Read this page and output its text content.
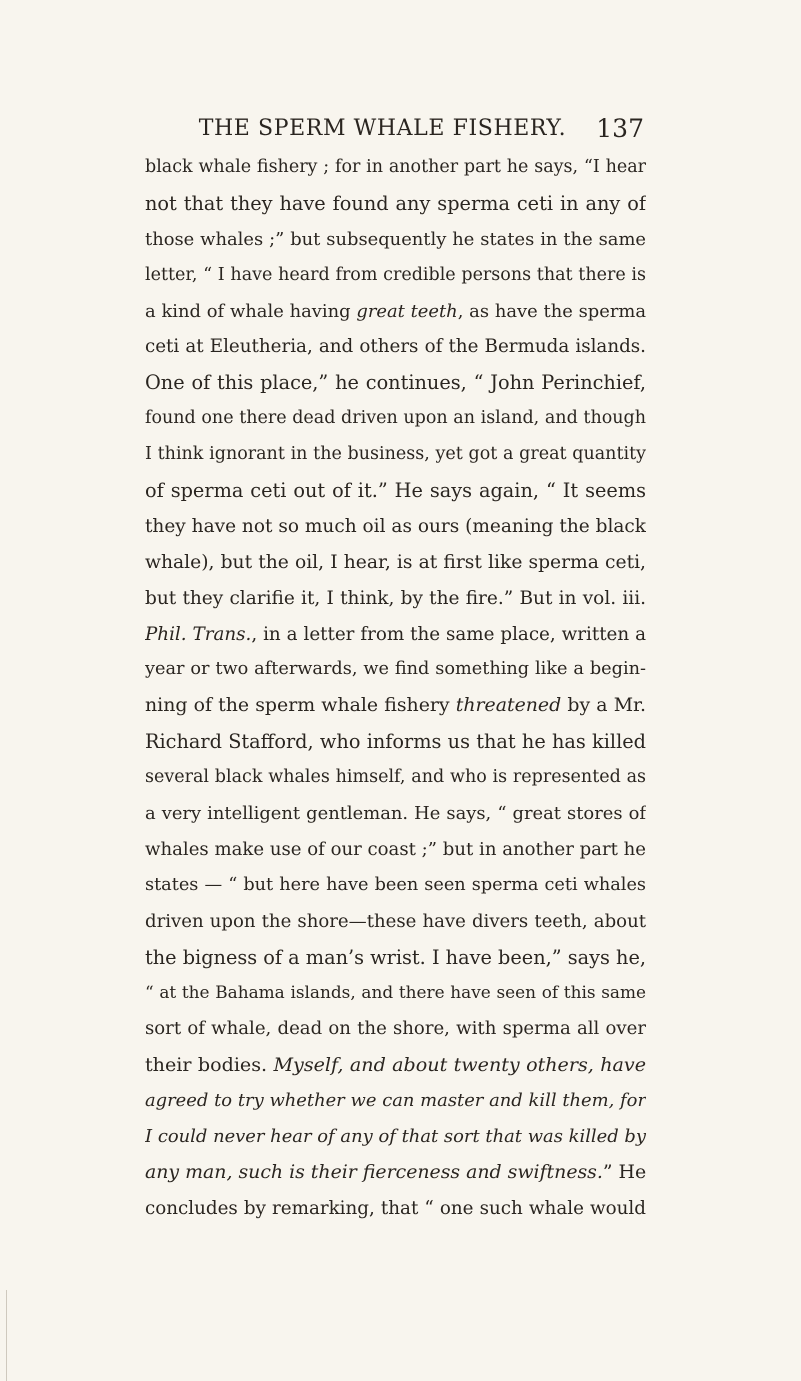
THE SPERM WHALE FISHERY.	137
black whale fishery ; for in another part he says, “I hear
not that they have found any sperma ceti in any of
those whales ;” but subsequently he states in the same
letter, “ I have heard from credible persons that there is
a kind of whale having great teeth, as have the sperma
ceti at Eleutheria, and others of the Bermuda islands.
One of this place,” he continues, “ John Perinchief,
found one there dead driven upon an island, and though
I think ignorant in the business, yet got a great quantity
of sperma ceti out of it.” He says again, “ It seems
they have not so much oil as ours (meaning the black
whale), but the oil, I hear, is at first like sperma ceti,
but they clarifie it, I think, by the fire.” But in vol. iii.
Phil. Trans., in a letter from the same place, written a
year or two afterwards, we find something like a begin-
ning of the sperm whale fishery threatened by a Mr.
Richard Stafford, who informs us that he has killed
several black whales himself, and who is represented as
a very intelligent gentleman. He says, “ great stores of
whales make use of our coast ;” but in another part he
states — “ but here have been seen sperma ceti whales
driven upon the shore—these have divers teeth, about
the bigness of a man’s wrist. I have been,” says he,
“ at the Bahama islands, and there have seen of this same
sort of whale, dead on the shore, with sperma all over
their bodies. Myself, and about twenty others, have
agreed to try whether we can master and kill them, for
I could never hear of any of that sort that was killed by
any man, such is their fierceness and swiftness.” He
concludes by remarking, that “ one such whale would
